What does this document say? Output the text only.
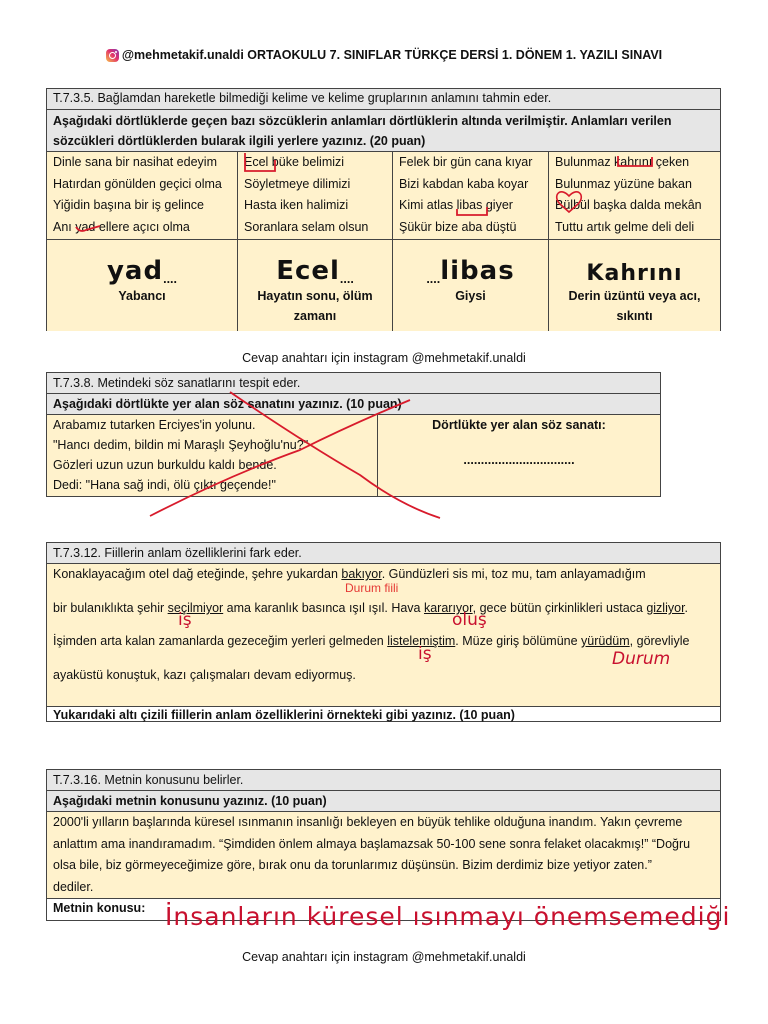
@mehmetakif.unaldi ORTAOKULU 7. SINIFLAR TÜRKÇE DERSİ 1. DÖNEM 1. YAZILI SINAVI
T.7.3.5. Bağlamdan hareketle bilmediği kelime ve kelime gruplarının anlamını tahmin eder.
Aşağıdaki dörtlüklerde geçen bazı sözcüklerin anlamları dörtlüklerin altında verilmiştir. Anlamları verilen sözcükleri dörtlüklerden bularak ilgili yerlere yazınız. (20 puan)
Dinle sana bir nasihat edeyim
Hatırdan gönülden geçici olma
Yiğidin başına bir iş gelince
Anı yad ellere açıcı olma
Ecel büke belimizi
Söyletmeye dilimizi
Hasta iken halimizi
Soranlara selam olsun
Felek bir gün cana kıyar
Bizi kabdan kaba koyar
Kimi atlas libas giyer
Şükür bize aba düştü
Bulunmaz kahrını çeken
Bulunmaz yüzüne bakan
Bülbül başka dalda mekân
Tuttu artık gelme deli deli
yad ....
Yabancı
Ecel ....
Hayatın sonu, ölüm zamanı
.... libas
Giysi
Kahrını
Derin üzüntü veya acı, sıkıntı
Cevap anahtarı için instagram @mehmetakif.unaldi
T.7.3.8. Metindeki söz sanatlarını tespit eder.
Aşağıdaki dörtlükte yer alan söz sanatını yazınız. (10 puan)
Arabamız tutarken Erciyes'in yolunu.
"Hancı dedim, bildin mi Maraşlı Şeyhoğlu'nu?"
Gözleri uzun uzun burkuldu kaldı bende.
Dedi: "Hana sağ indi, ölü çıktı geçende!"
Dörtlükte yer alan söz sanatı:
................................
T.7.3.12. Fiillerin anlam özelliklerini fark eder.
Konaklayacağım otel dağ eteğinde, şehre yukardan bakıyor. Gündüzleri sis mi, toz mu, tam anlayamadığım
Durum fiili
bir bulanıklıkta şehir seçilmiyor ama karanlık basınca ışıl ışıl. Hava kararıyor, gece bütün çirkinlikleri ustaca gizliyor.
İşimden arta kalan zamanlarda gezeceğim yerleri gelmeden listelemiştim. Müze giriş bölümüne yürüdüm, görevliyle
ayaküstü konuştuk, kazı çalışmaları devam ediyormuş.
Yukarıdaki altı çizili fiillerin anlam özelliklerini örnekteki gibi yazınız. (10 puan)
iş	oluş
iş	Durum
T.7.3.16. Metnin konusunu belirler.
Aşağıdaki metnin konusunu yazınız. (10 puan)
2000'li yılların başlarında küresel ısınmanın insanlığı bekleyen en büyük tehlike olduğuna inandım. Yakın çevreme
anlattım ama inandıramadım. “Şimdiden önlem almaya başlamazsak 50-100 sene sonra felaket olacakmış!” “Doğru
olsa bile, biz görmeyeceğimize göre, bırak onu da torunlarımız düşünsün. Bizim derdimiz bize yetiyor zaten.”
dediler.
Metnin konusu: İnsanların küresel ısınmayı önemsemediği
Cevap anahtarı için instagram @mehmetakif.unaldi
